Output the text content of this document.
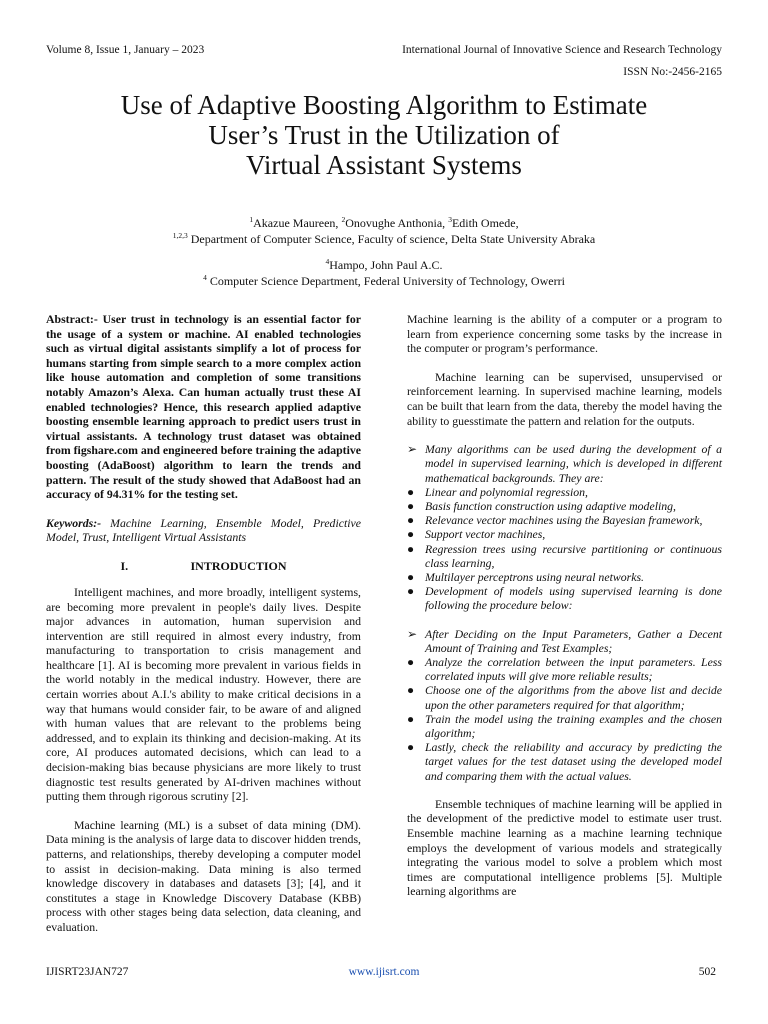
Volume 8, Issue 1, January – 2023	International Journal of Innovative Science and Research Technology
ISSN No:-2456-2165
Use of Adaptive Boosting Algorithm to Estimate
User’s Trust in the Utilization of
Virtual Assistant Systems
$^1$Akazue Maureen, $^2$Onovughe Anthonia, $^3$Edith Omede,
$^{1,2,3}$ Department of Computer Science, Faculty of science, Delta State University Abraka
$^4$Hampo, John Paul A.C.
$^4$ Computer Science Department, Federal University of Technology, Owerri

Abstract:- User trust in technology is an essential factor for the usage of a system or machine. AI enabled technologies such as virtual digital assistants simplify a lot of process for humans starting from simple search to a more complex action like house automation and completion of some transitions notably Amazon’s Alexa. Can human actually trust these AI enabled technologies? Hence, this research applied adaptive boosting ensemble learning approach to predict users trust in virtual assistants. A technology trust dataset was obtained from figshare.com and engineered before training the adaptive boosting (AdaBoost) algorithm to learn the trends and pattern. The result of the study showed that AdaBoost had an accuracy of 94.31% for the testing set.

Keywords:- Machine Learning, Ensemble Model, Predictive Model, Trust, Intelligent Virtual Assistants

I.	INTRODUCTION

Intelligent machines, and more broadly, intelligent systems, are becoming more prevalent in people's daily lives. Despite major advances in automation, human supervision and intervention are still required in almost every industry, from manufacturing to transportation to crisis management and healthcare [1]. AI is becoming more prevalent in various fields in the world notably in the medical industry. However, there are certain worries about A.I.'s ability to make critical decisions in a way that humans would consider fair, to be aware of and aligned with human values that are relevant to the problems being addressed, and to explain its thinking and decision-making. At its core, AI produces automated decisions, which can lead to a decision-making bias because physicians are more likely to trust diagnostic test results generated by AI-driven machines without putting them through rigorous scrutiny [2].

Machine learning (ML) is a subset of data mining (DM). Data mining is the analysis of large data to discover hidden trends, patterns, and relationships, thereby developing a computer model to assist in decision-making. Data mining is also termed knowledge discovery in databases and datasets [3]; [4], and it constitutes a stage in Knowledge Discovery Database (KBB) process with other stages being data selection, data cleaning, and evaluation.

Machine learning is the ability of a computer or a program to learn from experience concerning some tasks by the increase in the computer or program’s performance.

Machine learning can be supervised, unsupervised or reinforcement learning. In supervised machine learning, models can be built that learn from the data, thereby the model having the ability to guesstimate the pattern and relation for the outputs.

➢ Many algorithms can be used during the development of a model in supervised learning, which is developed in different mathematical backgrounds. They are:
● Linear and polynomial regression,
● Basis function construction using adaptive modeling,
● Relevance vector machines using the Bayesian framework,
● Support vector machines,
● Regression trees using recursive partitioning or continuous class learning,
● Multilayer perceptrons using neural networks.
● Development of models using supervised learning is done following the procedure below:
➢ After Deciding on the Input Parameters, Gather a Decent Amount of Training and Test Examples;
● Analyze the correlation between the input parameters. Less correlated inputs will give more reliable results;
● Choose one of the algorithms from the above list and decide upon the other parameters required for that algorithm;
● Train the model using the training examples and the chosen algorithm;
● Lastly, check the reliability and accuracy by predicting the target values for the test dataset using the developed model and comparing them with the actual values.

Ensemble techniques of machine learning will be applied in the development of the predictive model to estimate user trust. Ensemble machine learning as a machine learning technique employs the development of various models and strategically integrating the various model to solve a problem which most times are computational intelligence problems [5]. Multiple learning algorithms are

IJISRT23JAN727	www.ijisrt.com	502
